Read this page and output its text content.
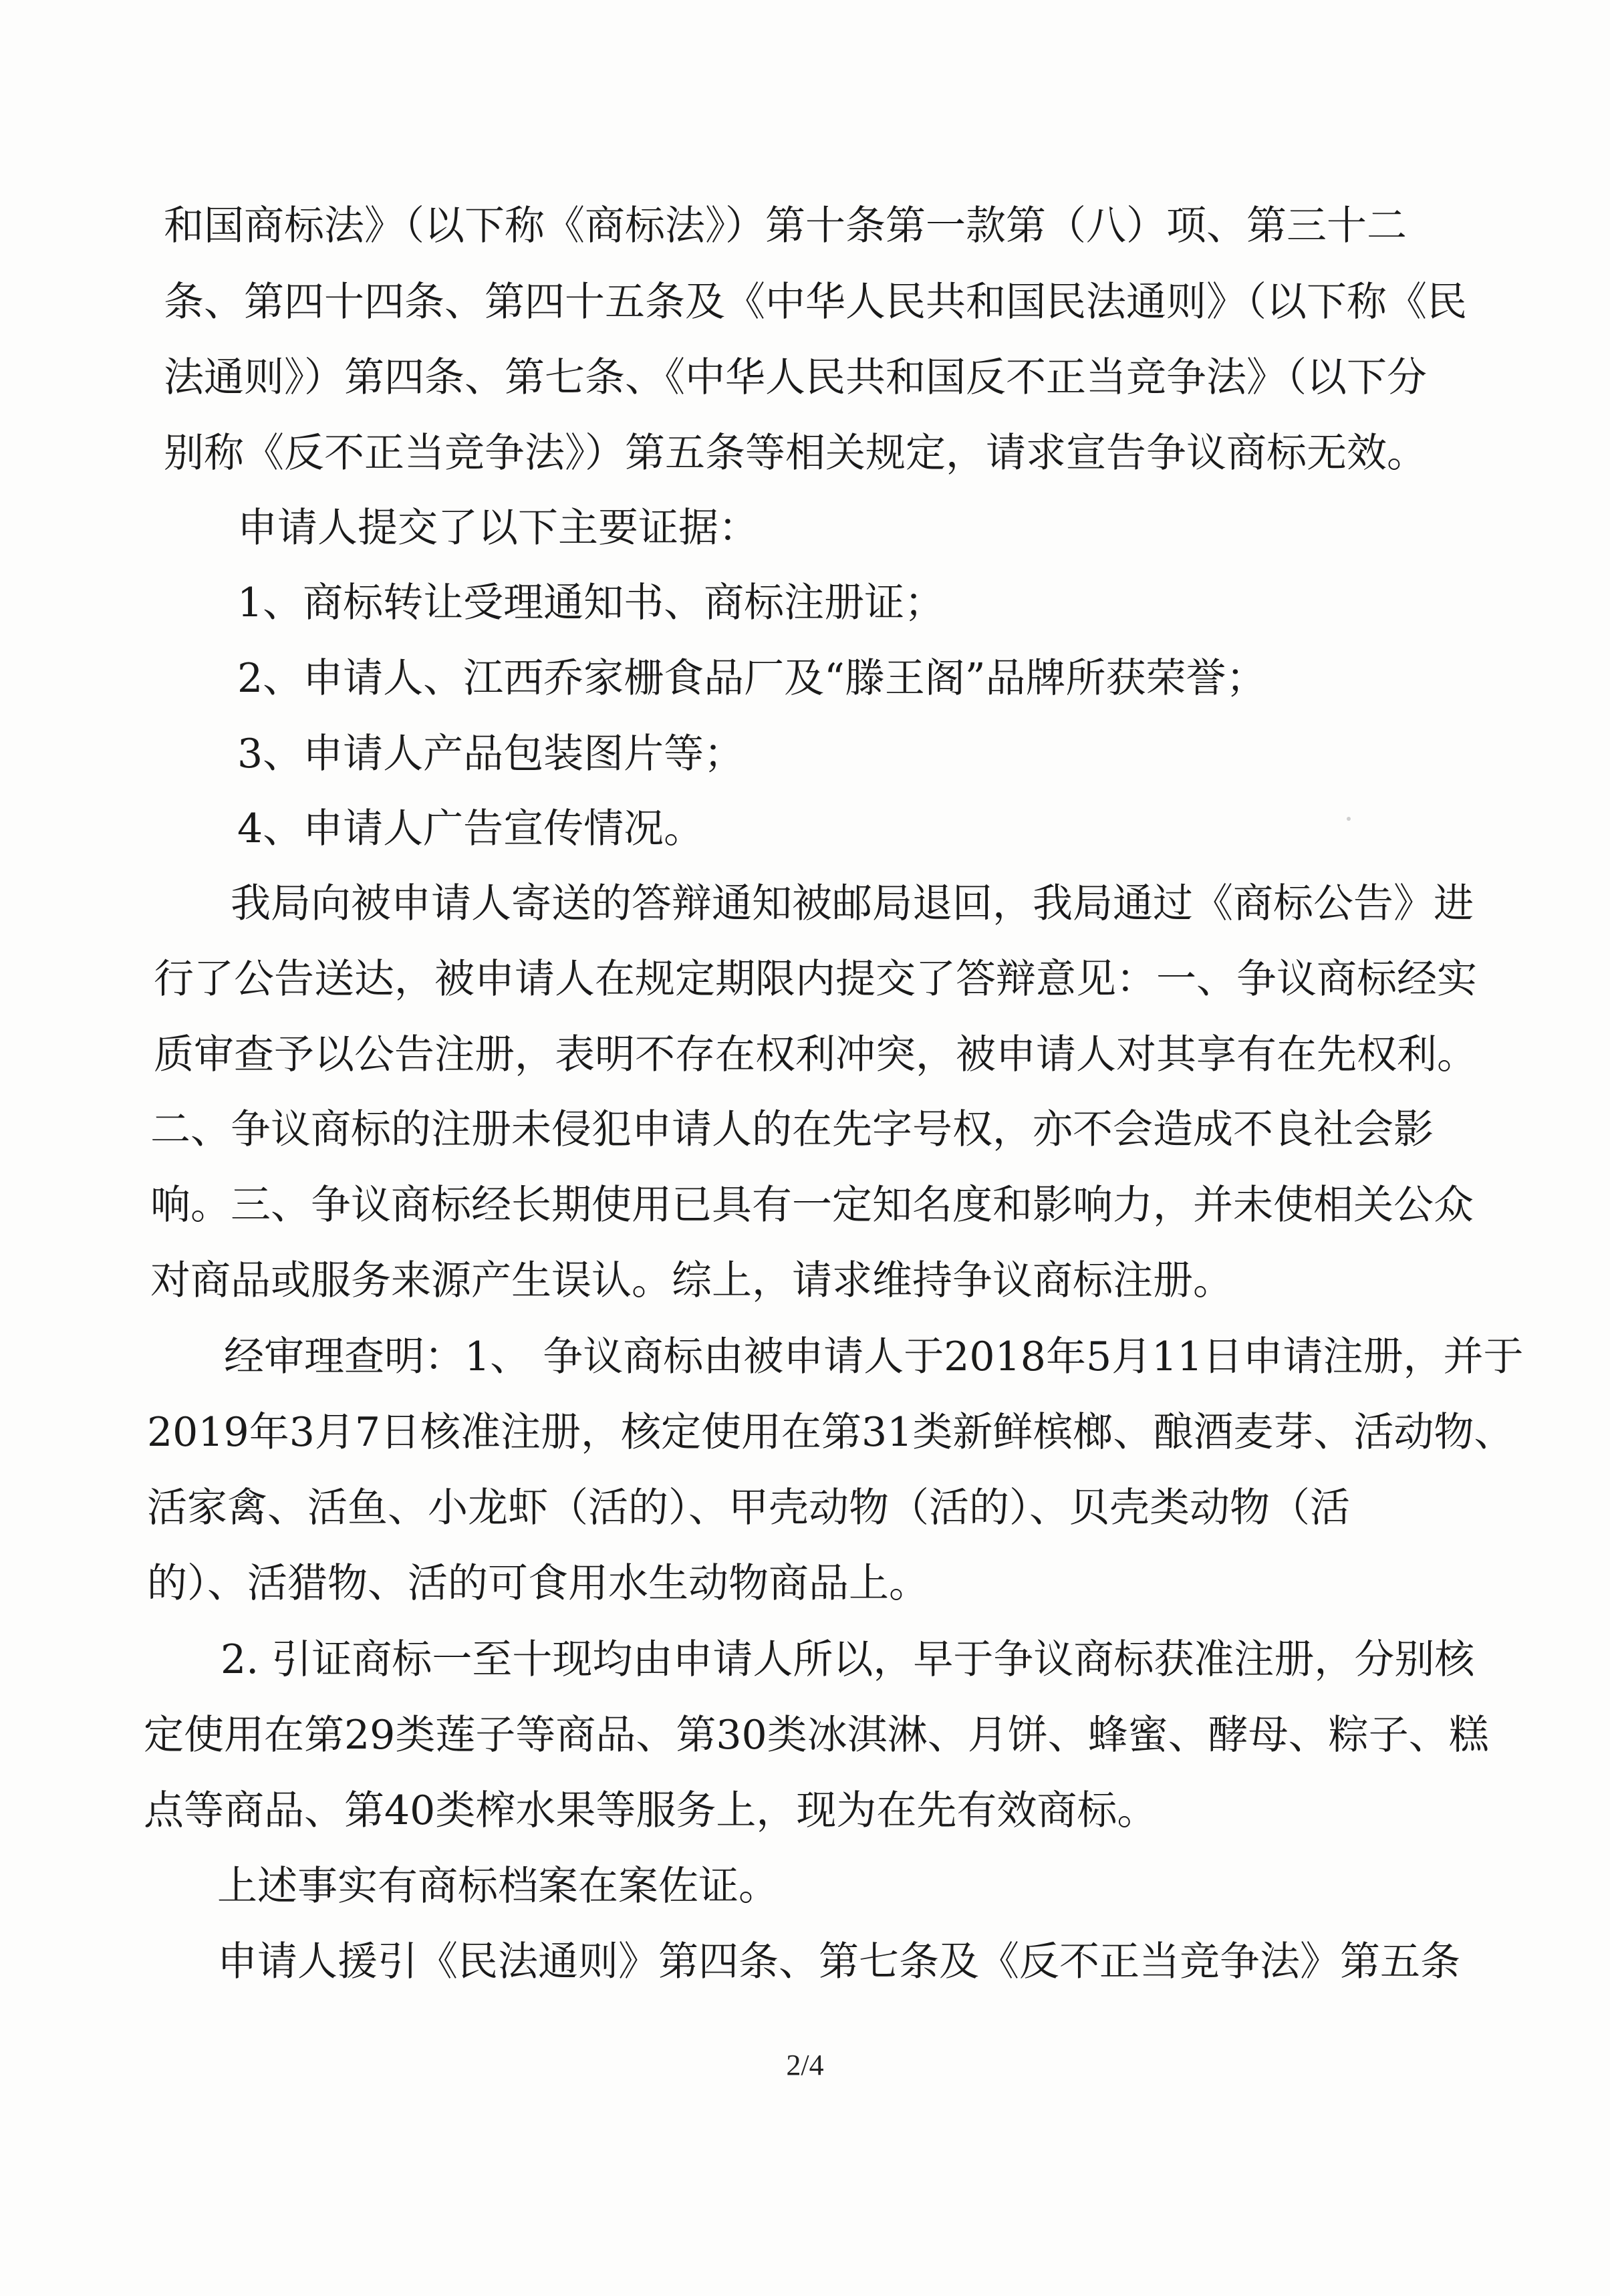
和国商标法》（以下称《商标法》）第十条第一款第（八）项、第三十二
条、第四十四条、第四十五条及《中华人民共和国民法通则》（以下称《民
法通则》）第四条、第七条、《中华人民共和国反不正当竞争法》（以下分
别称《反不正当竞争法》）第五条等相关规定，请求宣告争议商标无效。
申请人提交了以下主要证据：
1、商标转让受理通知书、商标注册证；
2、申请人、江西乔家栅食品厂及“滕王阁”品牌所获荣誉；
3、申请人产品包装图片等；
4、申请人广告宣传情况。
我局向被申请人寄送的答辩通知被邮局退回，我局通过《商标公告》进
行了公告送达，被申请人在规定期限内提交了答辩意见：一、争议商标经实
质审查予以公告注册，表明不存在权利冲突，被申请人对其享有在先权利。
二、争议商标的注册未侵犯申请人的在先字号权，亦不会造成不良社会影
响。三、争议商标经长期使用已具有一定知名度和影响力，并未使相关公众
对商品或服务来源产生误认。综上，请求维持争议商标注册。
经审理查明：1、 争议商标由被申请人于2018年5月11日申请注册，并于
2019年3月7日核准注册，核定使用在第31类新鲜槟榔、酿酒麦芽、活动物、
活家禽、活鱼、小龙虾（活的）、甲壳动物（活的）、贝壳类动物（活
的）、活猎物、活的可食用水生动物商品上。
2. 引证商标一至十现均由申请人所以，早于争议商标获准注册，分别核
定使用在第29类莲子等商品、第30类冰淇淋、月饼、蜂蜜、酵母、粽子、糕
点等商品、第40类榨水果等服务上，现为在先有效商标。
上述事实有商标档案在案佐证。
申请人援引《民法通则》第四条、第七条及《反不正当竞争法》第五条
2/4
